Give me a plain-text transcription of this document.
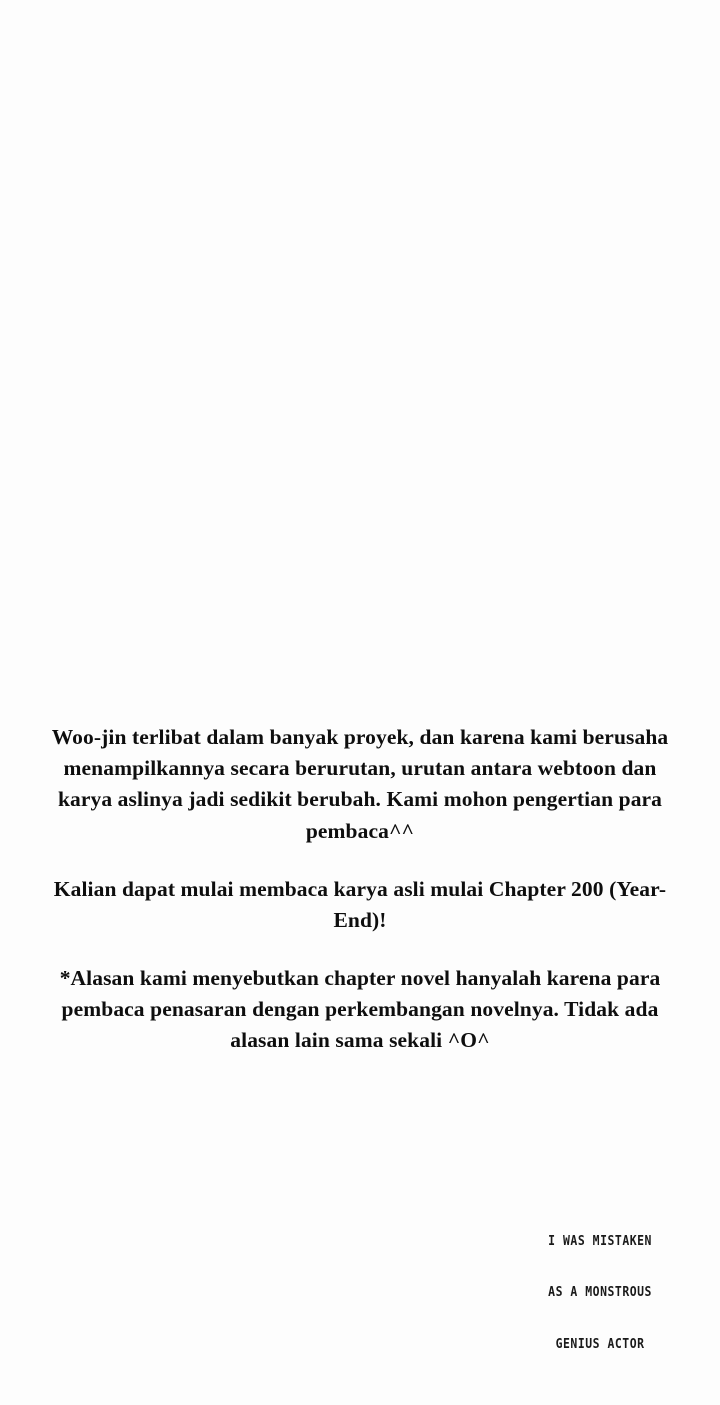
Woo-jin terlibat dalam banyak proyek, dan karena kami berusaha menampilkannya secara berurutan, urutan antara webtoon dan karya aslinya jadi sedikit berubah. Kami mohon pengertian para pembaca^^

Kalian dapat mulai membaca karya asli mulai Chapter 200 (Year-End)!

*Alasan kami menyebutkan chapter novel hanyalah karena para pembaca penasaran dengan perkembangan novelnya. Tidak ada alasan lain sama sekali ^O^

I WAS MISTAKEN

AS A MONSTROUS

GENIUS ACTOR
